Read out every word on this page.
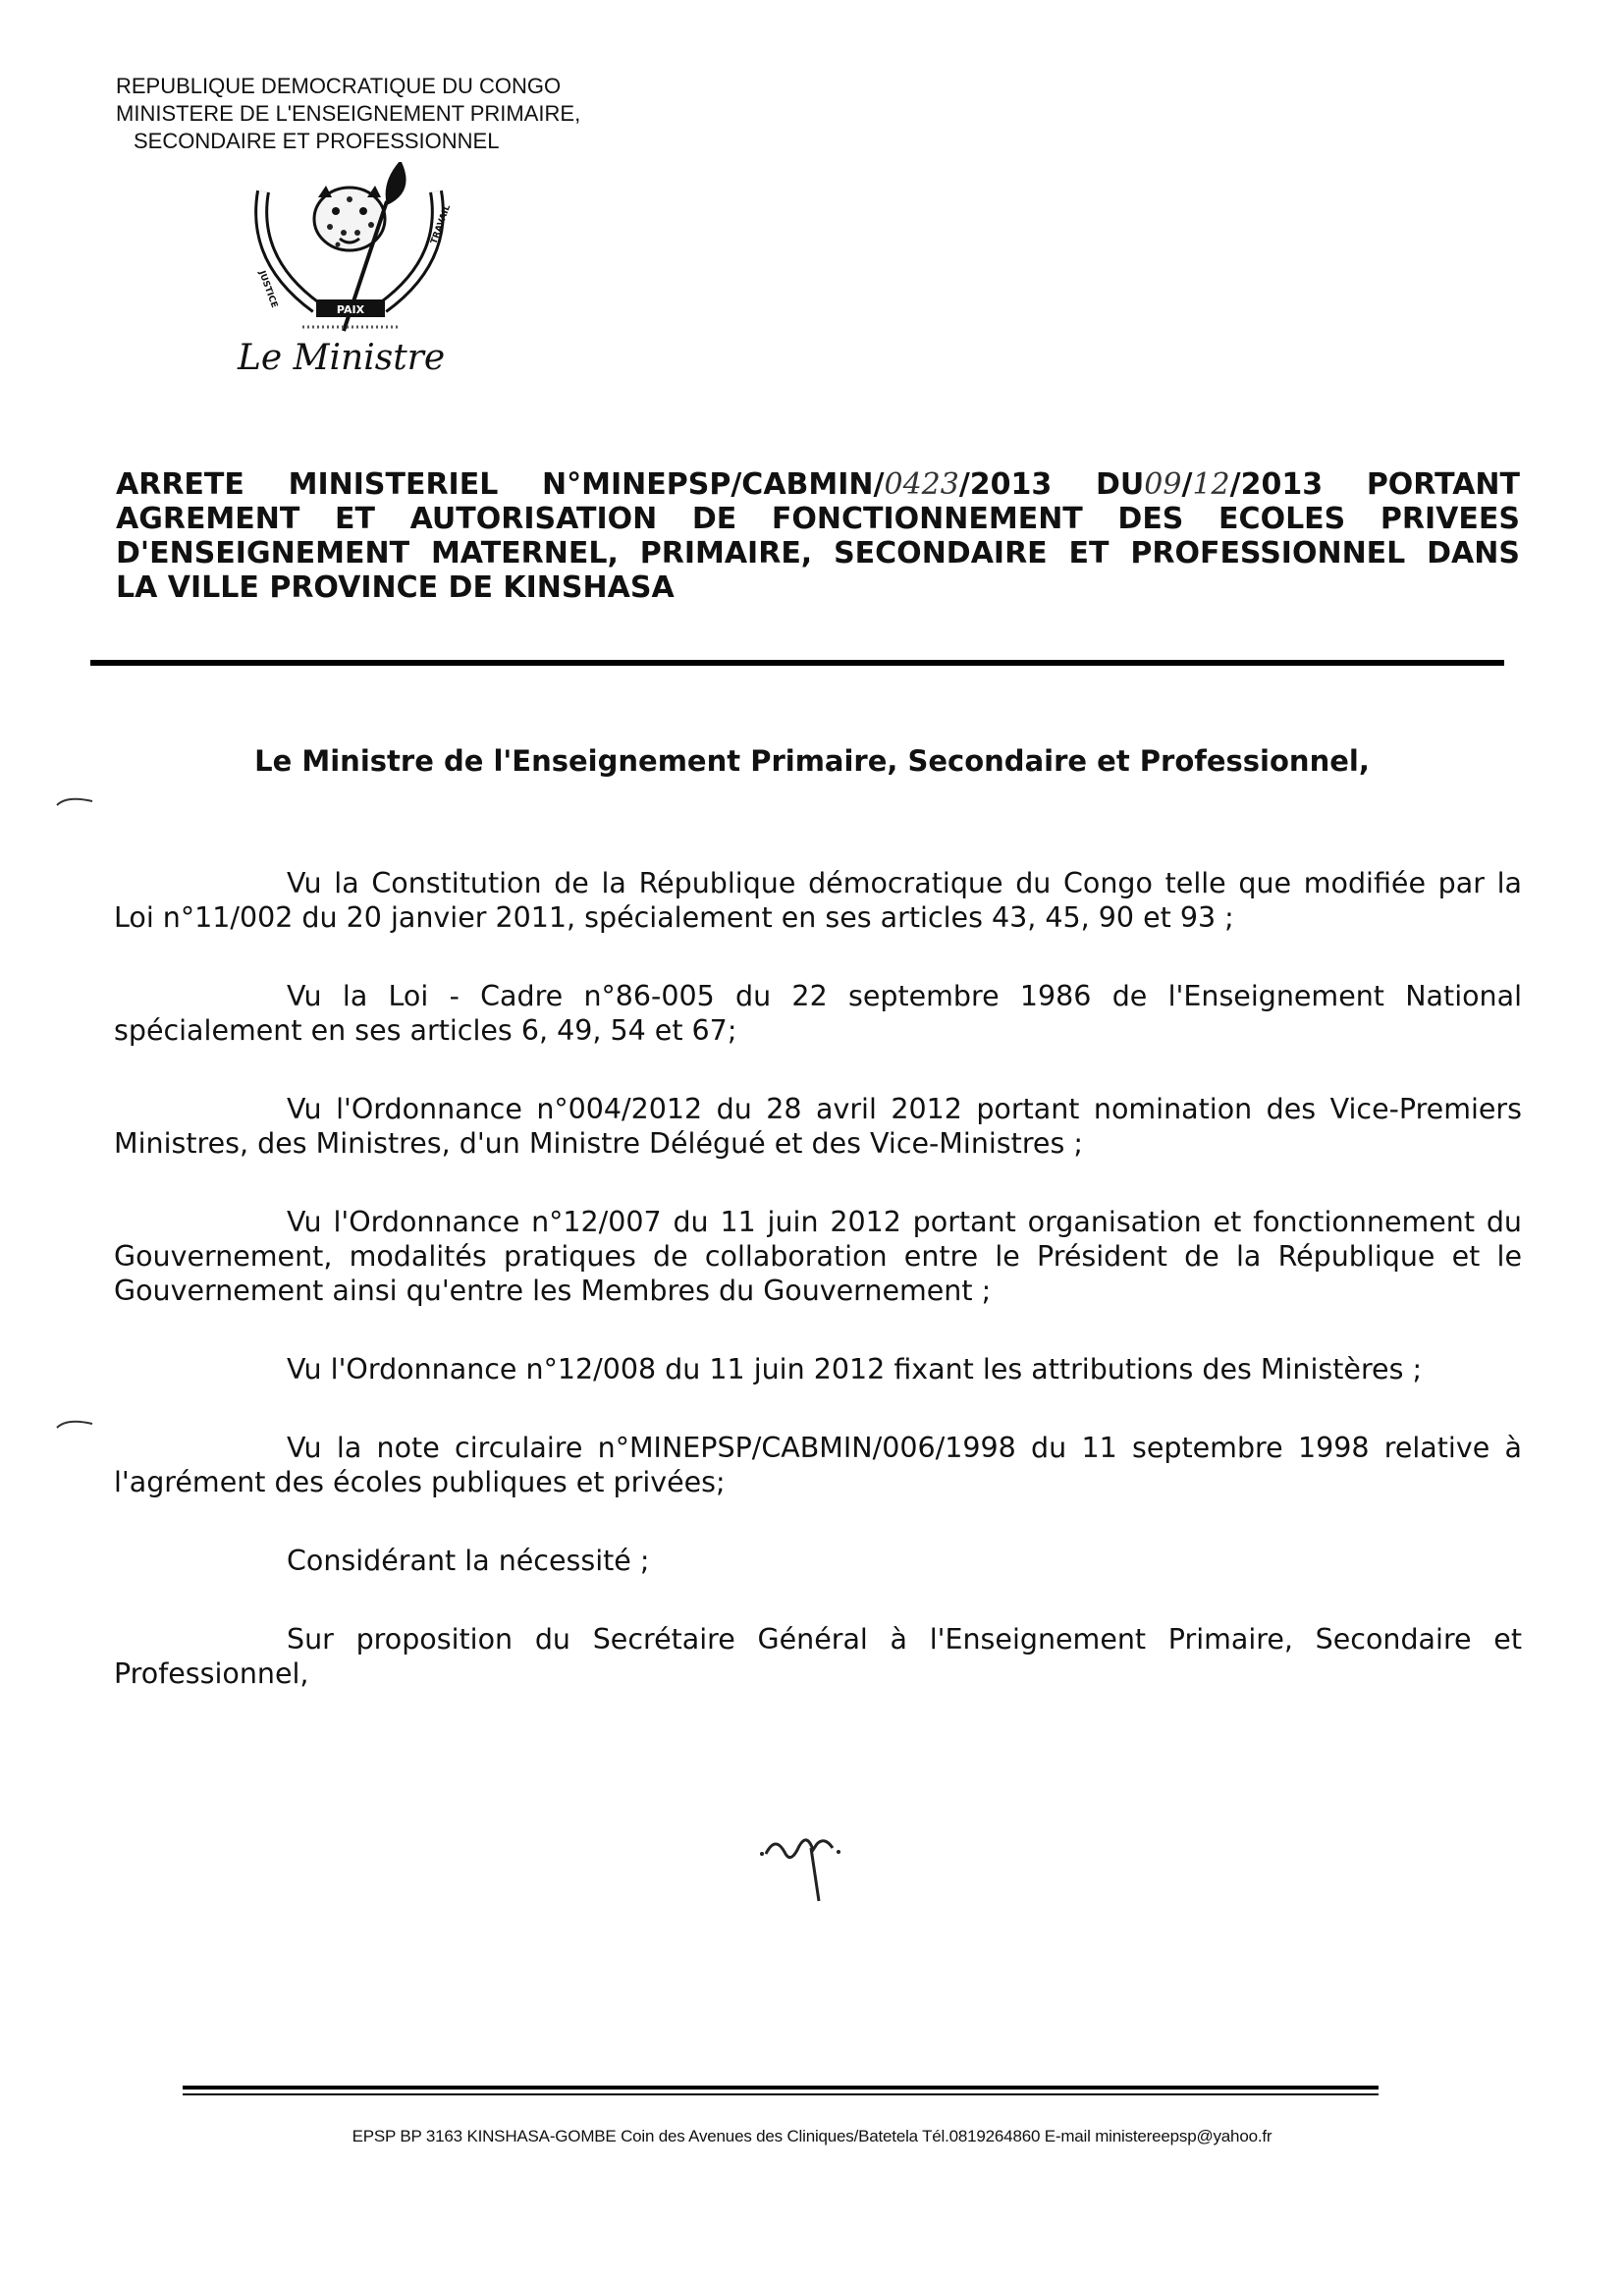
REPUBLIQUE DEMOCRATIQUE DU CONGO
MINISTERE DE L'ENSEIGNEMENT PRIMAIRE,
SECONDAIRE ET PROFESSIONNEL
PAIX
JUSTICE
TRAVAIL
Le Ministre

ARRETE MINISTERIEL N°MINEPSP/CABMIN/0423/2013 DU09/12/2013 PORTANT

AGREMENT ET AUTORISATION DE FONCTIONNEMENT DES ECOLES PRIVEES

D'ENSEIGNEMENT MATERNEL, PRIMAIRE, SECONDAIRE ET PROFESSIONNEL DANS

LA VILLE PROVINCE DE KINSHASA

Le Ministre de l'Enseignement Primaire, Secondaire et Professionnel,

Vu la Constitution de la République démocratique du Congo telle que modifiée par la Loi n°11/002 du 20 janvier 2011, spécialement en ses articles 43, 45, 90 et 93 ;

Vu la Loi - Cadre n°86-005 du 22 septembre 1986 de l'Enseignement National spécialement en ses articles 6, 49, 54 et 67;

Vu l'Ordonnance n°004/2012 du 28 avril 2012 portant nomination des Vice-Premiers Ministres, des Ministres, d'un Ministre Délégué et des Vice-Ministres ;

Vu l'Ordonnance n°12/007 du 11 juin 2012 portant organisation et fonctionnement du Gouvernement, modalités pratiques de collaboration entre le Président de la République et le Gouvernement ainsi qu'entre les Membres du Gouvernement ;

Vu l'Ordonnance n°12/008 du 11 juin 2012 fixant les attributions des Ministères ;

Vu la note circulaire n°MINEPSP/CABMIN/006/1998 du 11 septembre 1998 relative à l'agrément des écoles publiques et privées;

Considérant la nécessité ;

Sur proposition du Secrétaire Général à l'Enseignement Primaire, Secondaire et Professionnel,

EPSP BP 3163 KINSHASA-GOMBE Coin des Avenues des Cliniques/Batetela Tél.0819264860 E-mail ministereepsp@yahoo.fr
